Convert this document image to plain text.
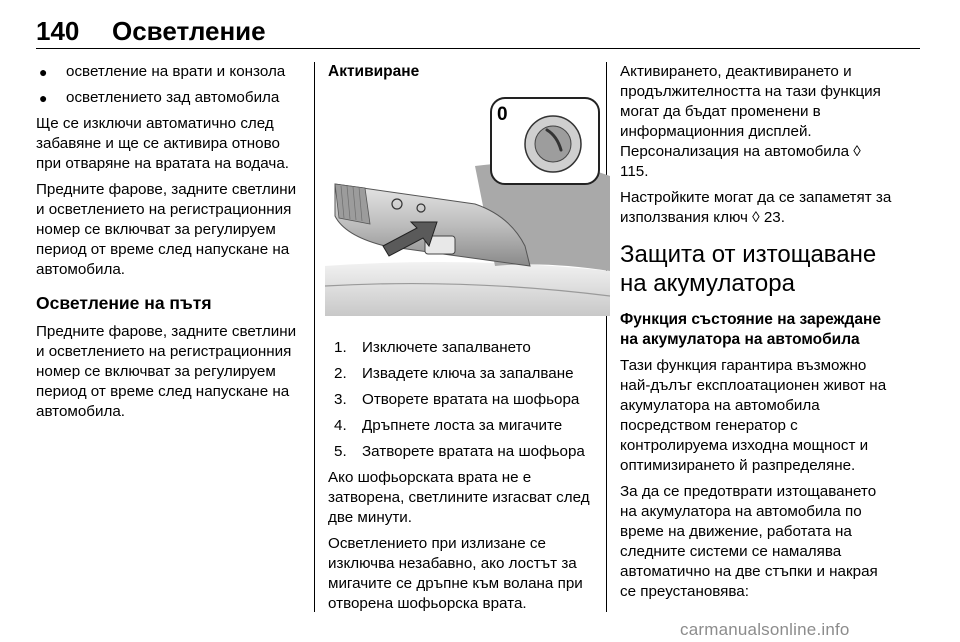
140 Осветление
● осветление на врати и конзола
● осветлението зад автомобила

Ще се изключи автоматично след забавяне и ще се активира отново при отваряне на вратата на водача.

Предните фарове, задните светлини и осветлението на регистрационния номер се включват за регулируем период от време след напускане на автомобила.

Осветление на пътя

Предните фарове, задните светлини и осветлението на регистрационния номер се включват за регулируем период от време след напускане на автомобила.

Активиране
0
1. Изключете запалването
2. Извадете ключа за запалване
3. Отворете вратата на шофьора
4. Дръпнете лоста за мигачите
5. Затворете вратата на шофьора

Ако шофьорската врата не е затворена, светлините изгасват след две минути.

Осветлението при излизане се изключва незабавно, ако лостът за мигачите се дръпне към волана при отворена шофьорска врата.

Активирането, деактивирането и продължителността на тази функция могат да бъдат променени в информационния дисплей. Персонализация на автомобила ◊ 115.

Настройките могат да се запаметят за използвания ключ ◊ 23.

Защита от изтощаване на акумулатора
Функция състояние на зареждане на акумулатора на автомобила

Тази функция гарантира възможно най-дълъг експлоатационен живот на акумулатора на автомобила посредством генератор с контролируема изходна мощност и оптимизирането й разпределяне.

За да се предотврати изтощаването на акумулатора на автомобила по време на движение, работата на следните системи се намалява автоматично на две стъпки и накрая се преустановява:

carmanualsonline.info
